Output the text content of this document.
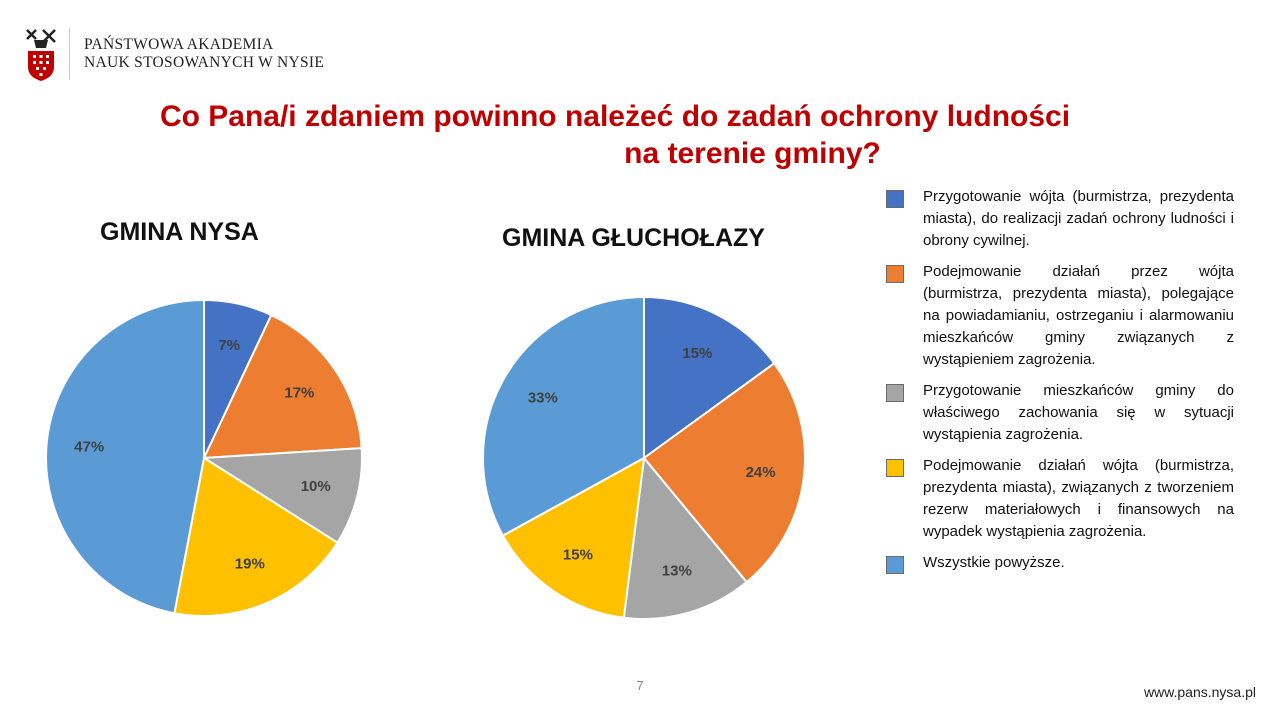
PAŃSTWOWA AKADEMIA
NAUK STOSOWANYCH W NYSIE
Co Pana/i zdaniem powinno należeć do zadań ochrony ludności
na terenie gminy?
GMINA NYSA	GMINA GŁUCHOŁAZY
7%
17%
10%
19%
47%
15%
24%
13%
15%
33%
Przygotowanie wójta (burmistrza, prezydenta miasta), do realizacji zadań ochrony ludności i obrony cywilnej.
Podejmowanie działań przez wójta (burmistrza, prezydenta miasta), polegające na powiadamianiu, ostrzeganiu i alarmowaniu mieszkańców gminy związanych z wystąpieniem zagrożenia.
Przygotowanie mieszkańców gminy do właściwego zachowania się w sytuacji wystąpienia zagrożenia.
Podejmowanie działań wójta (burmistrza, prezydenta miasta), związanych z tworzeniem rezerw materiałowych i finansowych na wypadek wystąpienia zagrożenia.
Wszystkie powyższe.
7	www.pans.nysa.pl
